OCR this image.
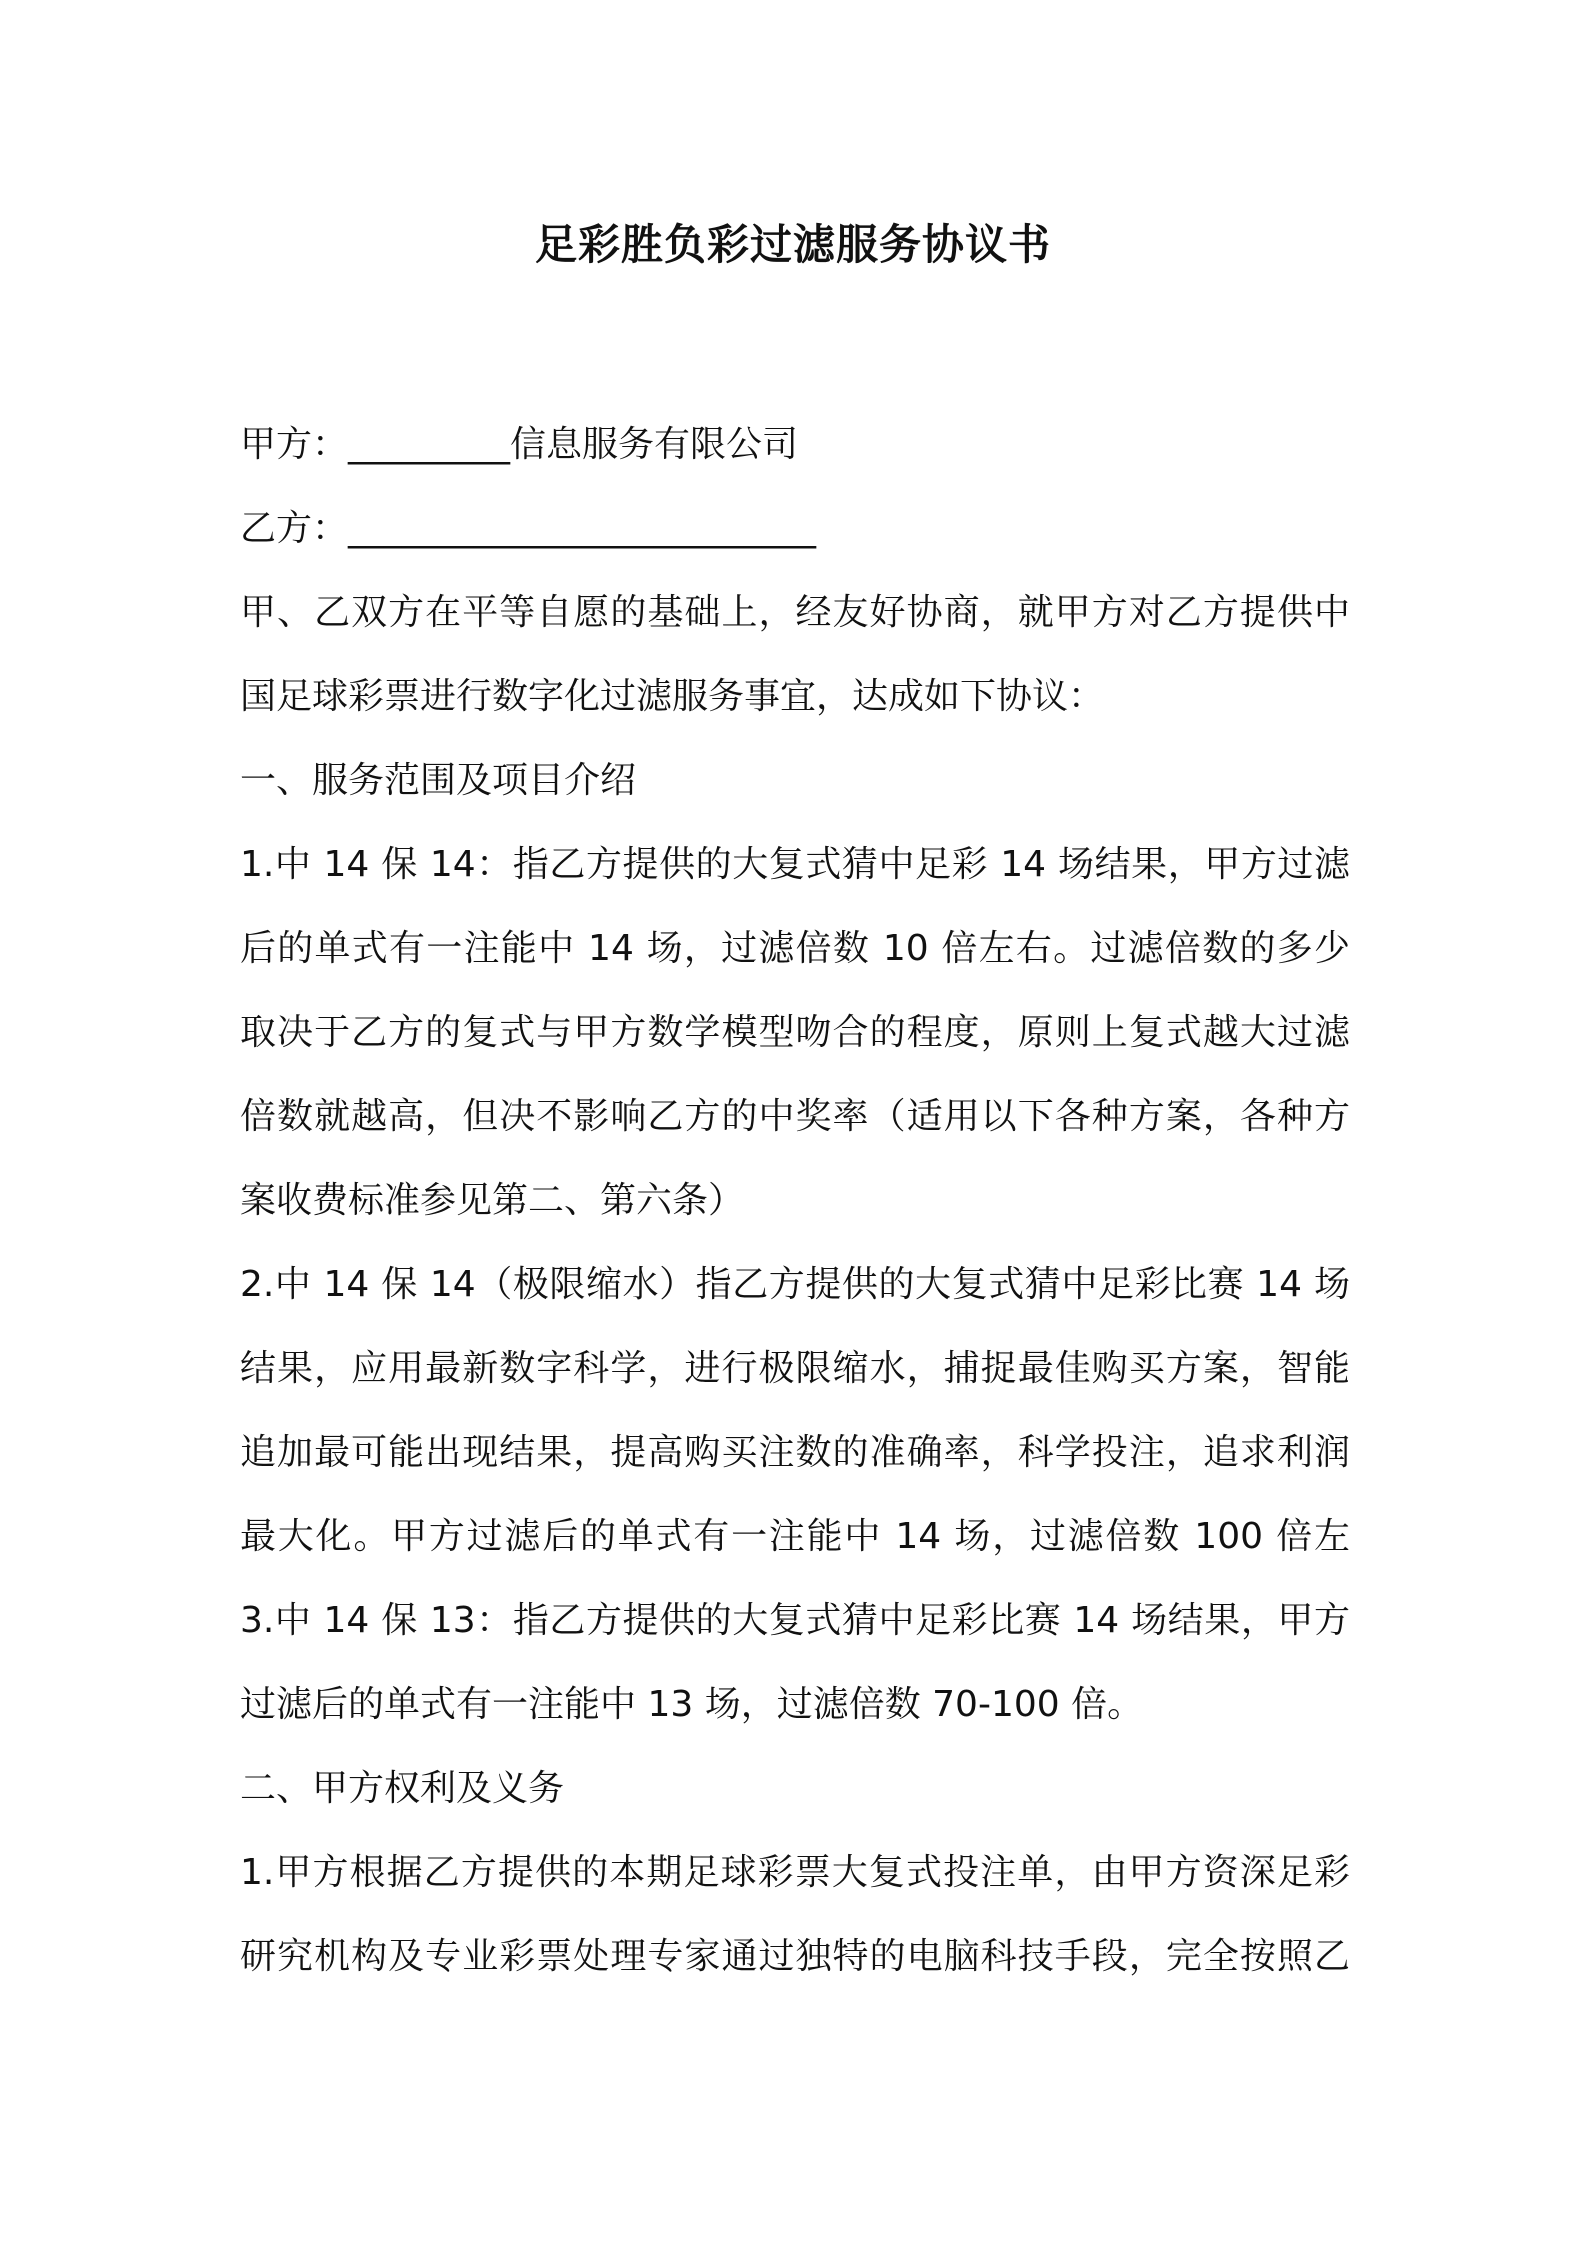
足彩胜负彩过滤服务协议书
甲方：_________信息服务有限公司
乙方：__________________________
甲、乙双方在平等自愿的基础上，经友好协商，就甲方对乙方提供中
国足球彩票进行数字化过滤服务事宜，达成如下协议：
一、服务范围及项目介绍
1.中 14 保 14：指乙方提供的大复式猜中足彩 14 场结果，甲方过滤
后的单式有一注能中 14 场，过滤倍数 10 倍左右。过滤倍数的多少
取决于乙方的复式与甲方数学模型吻合的程度，原则上复式越大过滤
倍数就越高，但决不影响乙方的中奖率（适用以下各种方案，各种方
案收费标准参见第二、第六条）
2.中 14 保 14（极限缩水）指乙方提供的大复式猜中足彩比赛 14 场
结果，应用最新数字科学，进行极限缩水，捕捉最佳购买方案，智能
追加最可能出现结果，提高购买注数的准确率，科学投注，追求利润
最大化。甲方过滤后的单式有一注能中 14 场，过滤倍数 100 倍左
3.中 14 保 13：指乙方提供的大复式猜中足彩比赛 14 场结果，甲方
过滤后的单式有一注能中 13 场，过滤倍数 70-100 倍。
二、甲方权利及义务
1.甲方根据乙方提供的本期足球彩票大复式投注单，由甲方资深足彩
研究机构及专业彩票处理专家通过独特的电脑科技手段，完全按照乙
